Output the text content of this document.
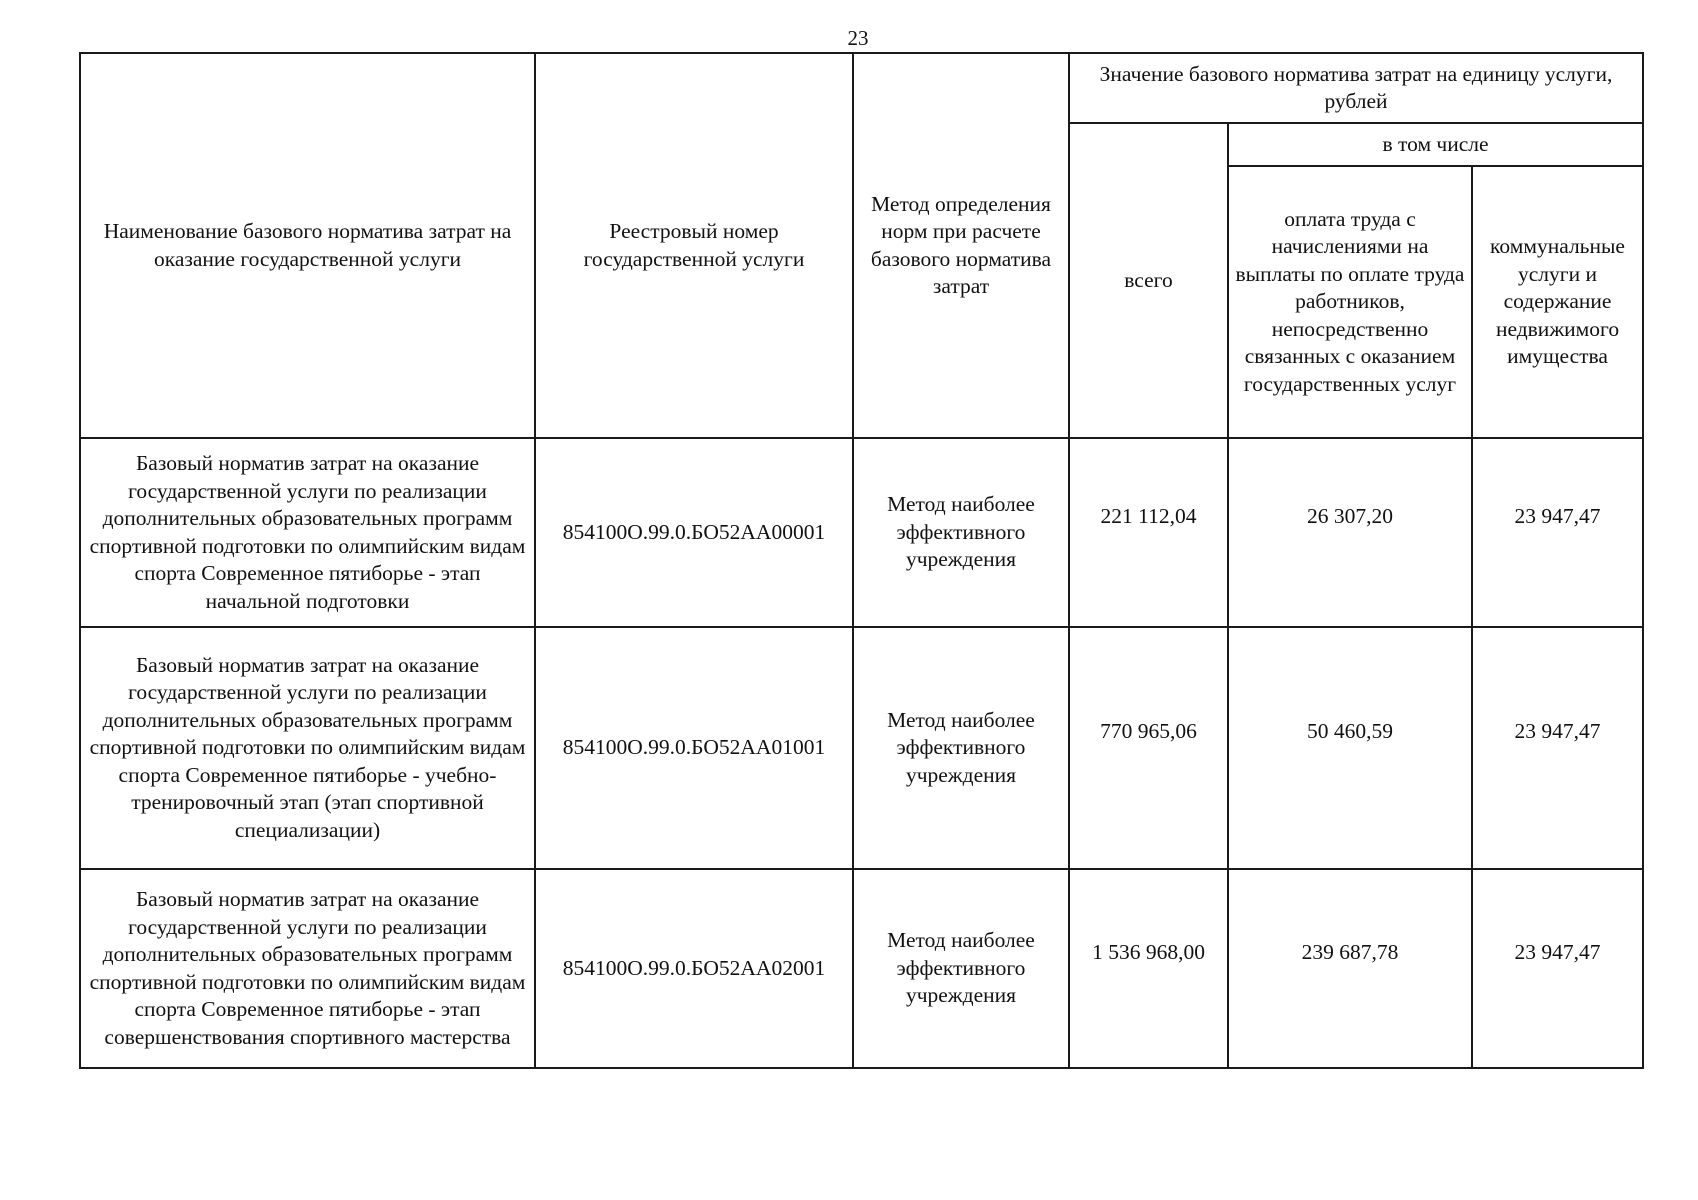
23
Наименование базового норматива затрат на оказание государственной услуги	Реестровый номер государственной услуги	Метод определения норм при расчете базового норматива затрат	Значение базового норматива затрат на единицу услуги, рублей		
			всего	в том числе	
				оплата труда с начислениями на выплаты по оплате труда работников, непосредственно связанных с оказанием государственных услуг	коммунальные услуги и содержание недвижимого имущества
Базовый норматив затрат на оказание государственной услуги по реализации дополнительных образовательных программ спортивной подготовки по олимпийским видам спорта Современное пятиборье - этап начальной подготовки	854100О.99.0.БО52АА00001	Метод наиболее эффективного учреждения	221 112,04	26 307,20	23 947,47
Базовый норматив затрат на оказание государственной услуги по реализации дополнительных образовательных программ спортивной подготовки по олимпийским видам спорта Современное пятиборье - учебно-тренировочный этап (этап спортивной специализации)	854100О.99.0.БО52АА01001	Метод наиболее эффективного учреждения	770 965,06	50 460,59	23 947,47
Базовый норматив затрат на оказание государственной услуги по реализации дополнительных образовательных программ спортивной подготовки по олимпийским видам спорта Современное пятиборье - этап совершенствования спортивного мастерства	854100О.99.0.БО52АА02001	Метод наиболее эффективного учреждения	1 536 968,00	239 687,78	23 947,47
